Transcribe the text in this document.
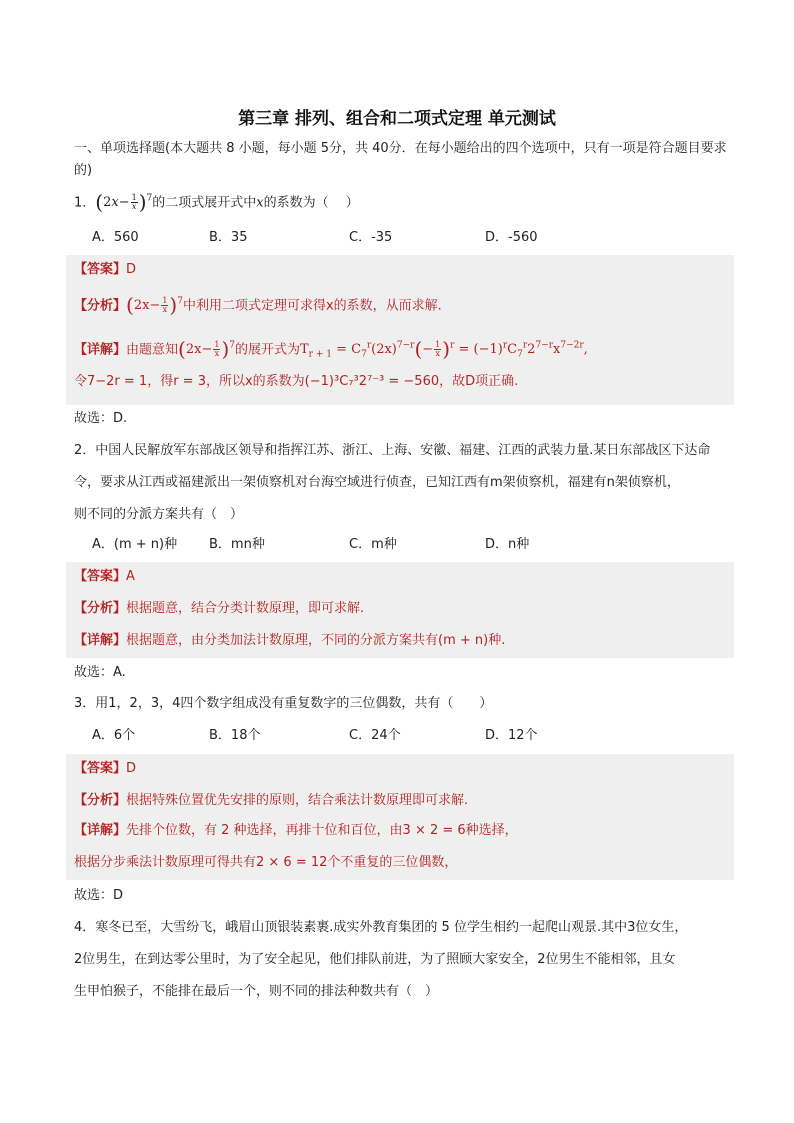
第三章 排列、组合和二项式定理 单元测试
一、单项选择题(本大题共 8 小题，每小题 5分，共 40分．在每小题给出的四个选项中，只有一项是符合题目要求的)
1．$(2x- \frac{1}{x} )^7$的二项式展开式中x的系数为（　 ）
A．560	B．35	C．-35	D．-560
【答案】D
【分析】$(2x- \frac{1}{x} )^7$中利用二项式定理可求得x的系数，从而求解.
【详解】由题意知$(2x- \frac{1}{x} )^7$的展开式为$T_{r + 1} = C_7^r(2x)^{7-r}(- \frac{1}{x} )^r = (-1)^rC_7^r2^{7-r}x^{7-2r}$,
令7−2r = 1，得r = 3，所以x的系数为(−1)³C₇³2⁷⁻³ = −560，故D项正确.
故选：D.
2．中国人民解放军东部战区领导和指挥江苏、浙江、上海、安徽、福建、江西的武装力量.某日东部战区下达命
令，要求从江西或福建派出一架侦察机对台海空域进行侦查，已知江西有m架侦察机，福建有n架侦察机，
则不同的分派方案共有（　）
A．(m + n)种 B．mn种	C．m种	D．n种
【答案】A
【分析】根据题意，结合分类计数原理，即可求解.
【详解】根据题意，由分类加法计数原理，不同的分派方案共有(m + n)种.
故选：A.
3．用1，2，3，4四个数字组成没有重复数字的三位偶数，共有（　　）
A．6个	B．18个	C．24个	D．12个
【答案】D
【分析】根据特殊位置优先安排的原则，结合乘法计数原理即可求解.
【详解】先排个位数，有 2 种选择，再排十位和百位，由3 × 2 = 6种选择，
根据分步乘法计数原理可得共有2 × 6 = 12个不重复的三位偶数，
故选：D
4．寒冬已至，大雪纷飞，峨眉山顶银装素裹.成实外教育集团的 5 位学生相约一起爬山观景.其中3位女生，
2位男生，在到达零公里时，为了安全起见，他们排队前进，为了照顾大家安全，2位男生不能相邻，且女
生甲怕猴子，不能排在最后一个，则不同的排法种数共有（　）
